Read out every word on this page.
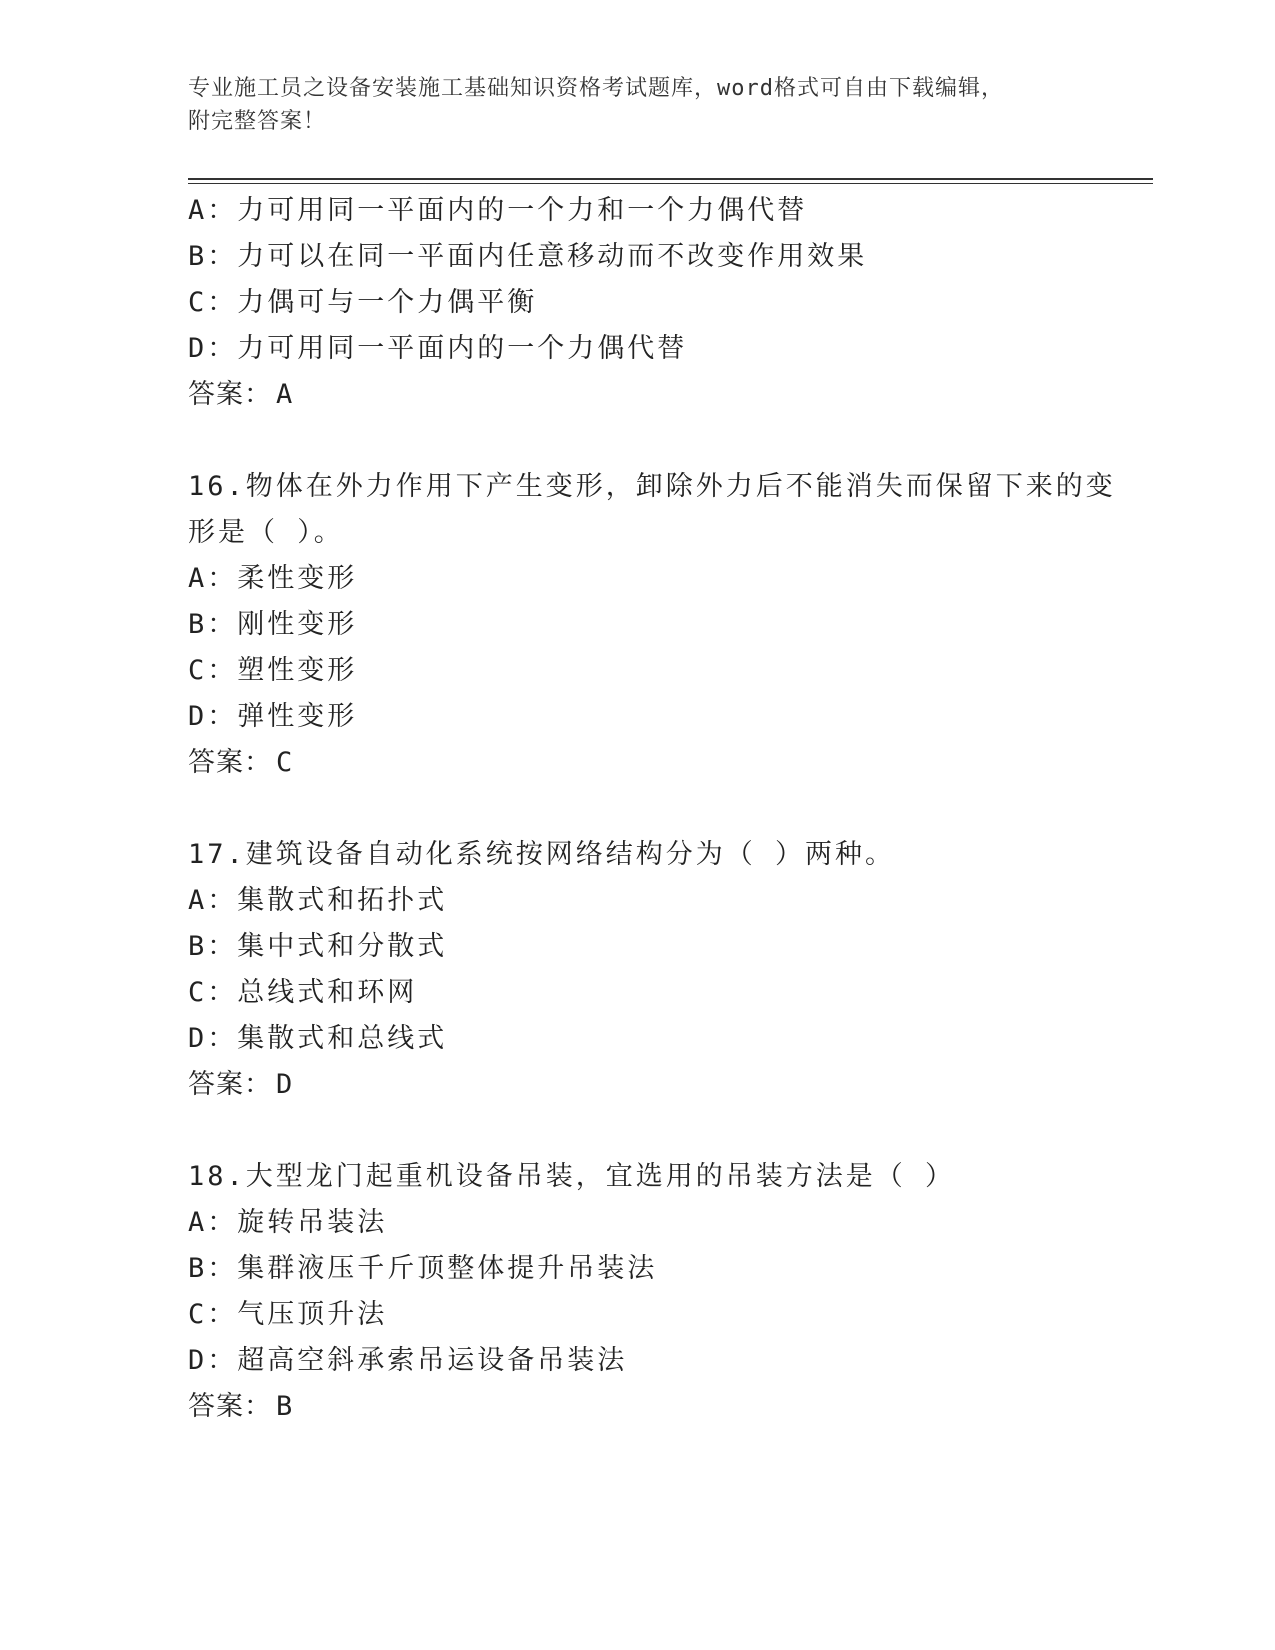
专业施工员之设备安装施工基础知识资格考试题库，word格式可自由下载编辑，
附完整答案！
A：力可用同一平面内的一个力和一个力偶代替
B：力可以在同一平面内任意移动而不改变作用效果
C：力偶可与一个力偶平衡
D：力可用同一平面内的一个力偶代替
答案： A
16.物体在外力作用下产生变形，卸除外力后不能消失而保留下来的变
形是（ ）。
A：柔性变形
B：刚性变形
C：塑性变形
D：弹性变形
答案： C
17.建筑设备自动化系统按网络结构分为（ ）两种。
A：集散式和拓扑式
B：集中式和分散式
C：总线式和环网
D：集散式和总线式
答案： D
18.大型龙门起重机设备吊装，宜选用的吊装方法是（ ）
A：旋转吊装法
B：集群液压千斤顶整体提升吊装法
C：气压顶升法
D：超高空斜承索吊运设备吊装法
答案： B
